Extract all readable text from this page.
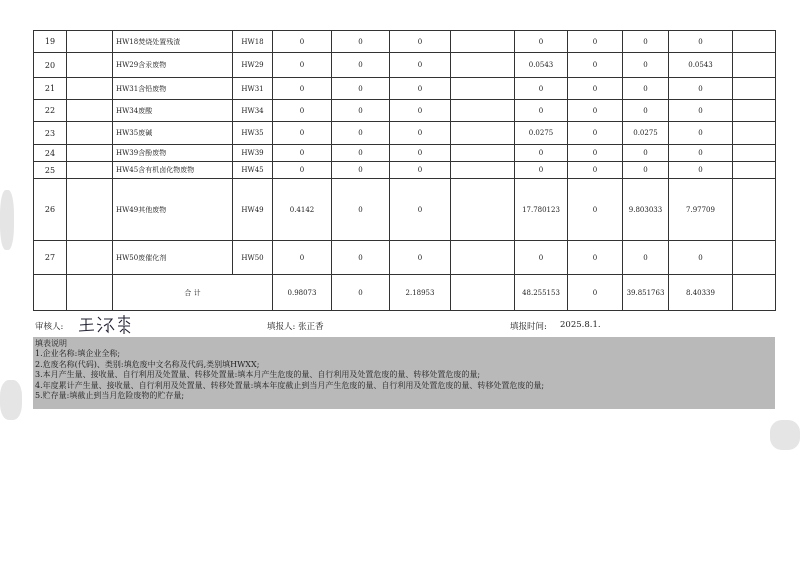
19		HW18焚烧处置残渣	HW18	0	0	0		0	0	0	0	
20		HW29含汞废物	HW29	0	0	0		0.0543	0	0	0.0543	
21		HW31含铅废物	HW31	0	0	0		0	0	0	0	
22		HW34废酸	HW34	0	0	0		0	0	0	0	
23		HW35废碱	HW35	0	0	0		0.0275	0	0.0275	0	
24		HW39含酚废物	HW39	0	0	0		0	0	0	0	
25		HW45含有机卤化物废物	HW45	0	0	0		0	0	0	0	
26		HW49其他废物	HW49	0.4142	0	0		17.780123	0	9.803033	7.97709	
27		HW50废催化剂	HW50	0	0	0		0	0	0	0	
		合 计		0.98073	0	2.18953		48.255153	0	39.851763	8.40339	
审核人:	填报人: 张正香	填报时间: 2025.8.1.
填表说明
1.企业名称:填企业全称;
2.危废名称(代码)、类别:填危废中文名称及代码,类别填HWXX;
3.本月产生量、接收量、自行利用及处置量、转移处置量:填本月产生危废的量、自行利用及处置危废的量、转移处置危废的量;
4.年度累计产生量、接收量、自行利用及处置量、转移处置量:填本年度截止到当月产生危废的量、自行利用及处置危废的量、转移处置危废的量;
5.贮存量:填截止到当月危险废物的贮存量;
